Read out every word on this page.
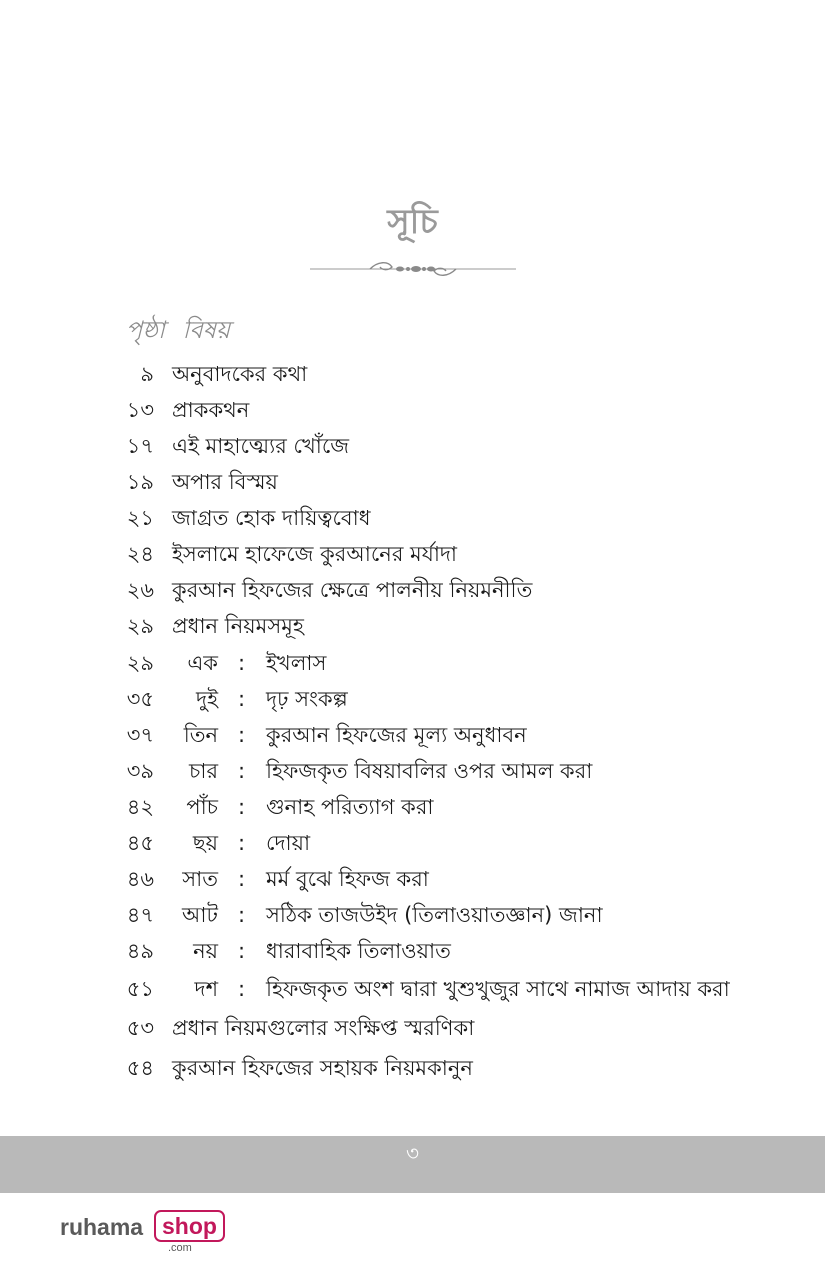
সূচি
পৃষ্ঠা বিষয়
৯ অনুবাদকের কথা
১৩ প্রাককথন
১৭ এই মাহাত্ম্যের খোঁজে
১৯ অপার বিস্ময়
২১ জাগ্রত হোক দায়িত্ববোধ
২৪ ইসলামে হাফেজে কুরআনের মর্যাদা
২৬ কুরআন হিফজের ক্ষেত্রে পালনীয় নিয়মনীতি
২৯ প্রধান নিয়মসমূহ
২৯	এক : ইখলাস
৩৫	দুই : দৃঢ় সংকল্প
৩৭	তিন : কুরআন হিফজের মূল্য অনুধাবন
৩৯	চার : হিফজকৃত বিষয়াবলির ওপর আমল করা
৪২	পাঁচ : গুনাহ পরিত্যাগ করা
৪৫	ছয় : দোয়া
৪৬	সাত : মর্ম বুঝে হিফজ করা
৪৭	আট : সঠিক তাজউইদ (তিলাওয়াতজ্ঞান) জানা
৪৯	নয় : ধারাবাহিক তিলাওয়াত
৫১	দশ : হিফজকৃত অংশ দ্বারা খুশুখুজুর সাথে নামাজ আদায় করা
৫৩ প্রধান নিয়মগুলোর সংক্ষিপ্ত স্মরণিকা
৫৪ কুরআন হিফজের সহায়ক নিয়মকানুন
৩
ruhama shop
.com
